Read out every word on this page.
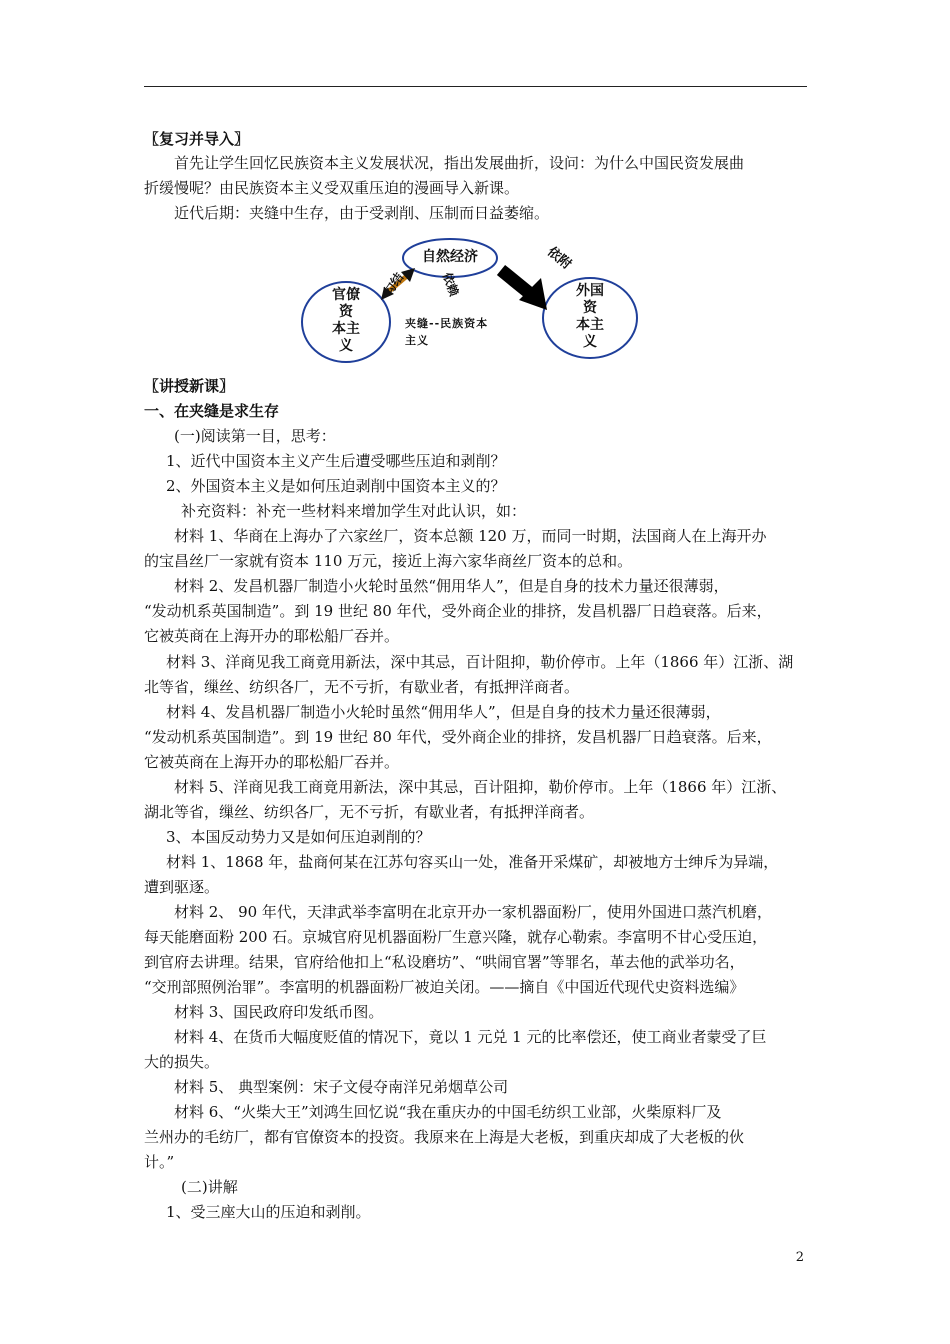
〖复习并导入〗
首先让学生回忆民族资本主义发展状况，指出发展曲折，设问：为什么中国民资发展曲
折缓慢呢？由民族资本主义受双重压迫的漫画导入新课。
近代后期：夹缝中生存，由于受剥削、压制而日益萎缩。
自然经济
官僚
资
本主
义
外国
资
本主
义
勾结	依赖
依附
夹缝--民族资本
主义
〖讲授新课〗
一、在夹缝是求生存
(一)阅读第一目，思考：
1、近代中国资本主义产生后遭受哪些压迫和剥削？
2、外国资本主义是如何压迫剥削中国资本主义的？
补充资料：补充一些材料来增加学生对此认识，如：
材料 1、华商在上海办了六家丝厂，资本总额 120 万，而同一时期，法国商人在上海开办
的宝昌丝厂一家就有资本 110 万元，接近上海六家华商丝厂资本的总和。
材料 2、发昌机器厂制造小火轮时虽然“佣用华人”，但是自身的技术力量还很薄弱，
“发动机系英国制造”。到 19 世纪 80 年代，受外商企业的排挤，发昌机器厂日趋衰落。后来，
它被英商在上海开办的耶松船厂吞并。
材料 3、洋商见我工商竟用新法，深中其忌，百计阻抑，勒价停市。上年（1866 年）江浙、湖
北等省，缫丝、纺织各厂，无不亏折，有歇业者，有抵押洋商者。
材料 4、发昌机器厂制造小火轮时虽然“佣用华人”，但是自身的技术力量还很薄弱，
“发动机系英国制造”。到 19 世纪 80 年代，受外商企业的排挤，发昌机器厂日趋衰落。后来，
它被英商在上海开办的耶松船厂吞并。
材料 5、洋商见我工商竟用新法，深中其忌，百计阻抑，勒价停市。上年（1866 年）江浙、
湖北等省，缫丝、纺织各厂，无不亏折，有歇业者，有抵押洋商者。
3、本国反动势力又是如何压迫剥削的？
材料 1、1868 年，盐商何某在江苏句容买山一处，准备开采煤矿，却被地方士绅斥为异端，
遭到驱逐。
材料 2、 90 年代，天津武举李富明在北京开办一家机器面粉厂，使用外国进口蒸汽机磨，
每天能磨面粉 200 石。京城官府见机器面粉厂生意兴隆，就存心勒索。李富明不甘心受压迫，
到官府去讲理。结果，官府给他扣上“私设磨坊”、“哄闹官署”等罪名，革去他的武举功名，
“交刑部照例治罪”。李富明的机器面粉厂被迫关闭。——摘自《中国近代现代史资料选编》
材料 3、国民政府印发纸币图。
材料 4、在货币大幅度贬值的情况下，竟以 1 元兑 1 元的比率偿还，使工商业者蒙受了巨
大的损失。
材料 5、 典型案例：宋子文侵夺南洋兄弟烟草公司
材料 6、“火柴大王”刘鸿生回忆说“我在重庆办的中国毛纺织工业部，火柴原料厂及
兰州办的毛纺厂，都有官僚资本的投资。我原来在上海是大老板，到重庆却成了大老板的伙
计。”
(二)讲解
1、受三座大山的压迫和剥削。
2
